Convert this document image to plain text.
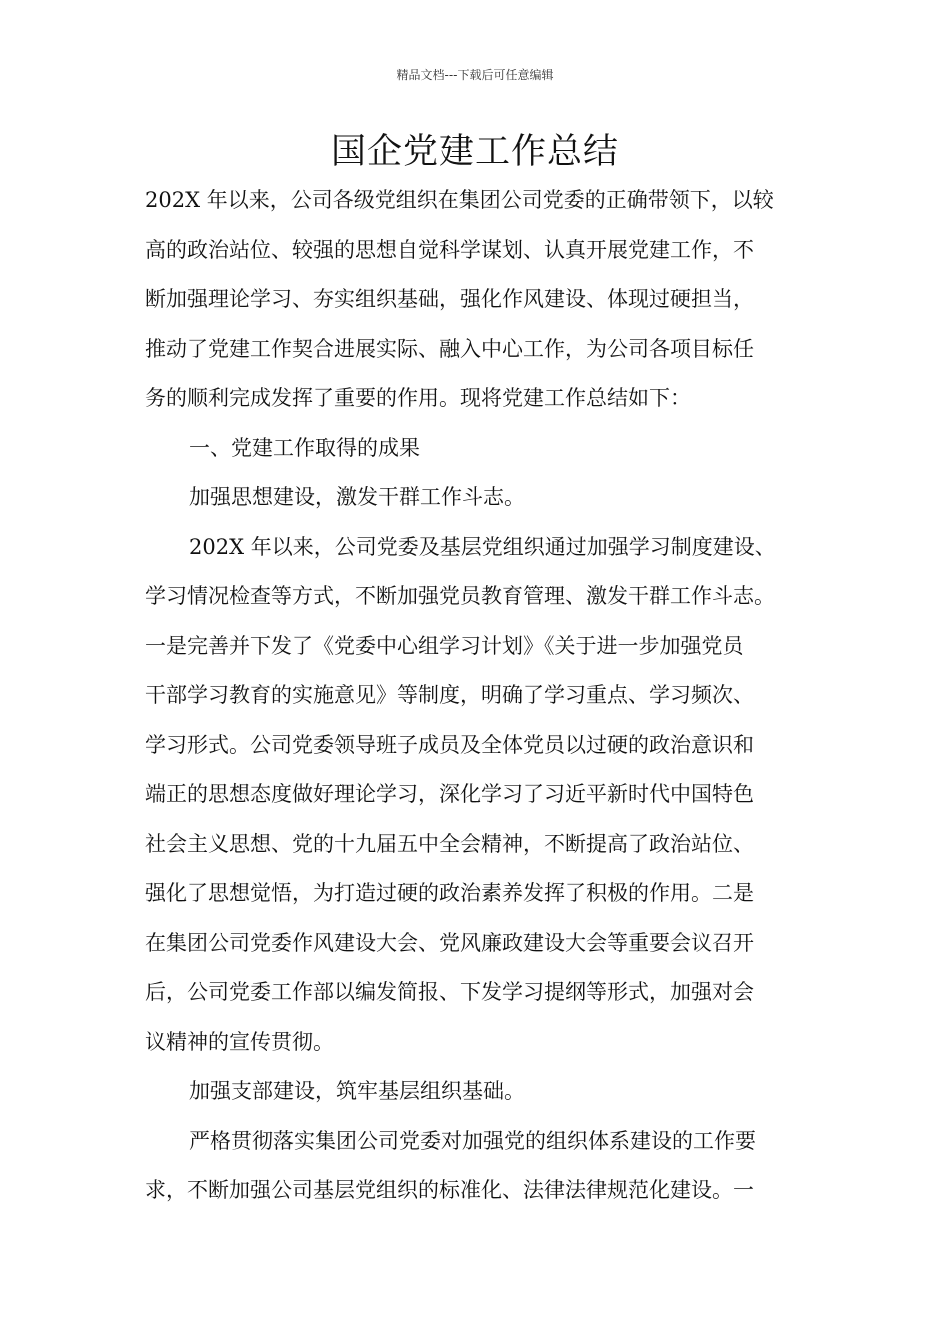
精品文档---下载后可任意编辑
国企党建工作总结
202X 年以来，公司各级党组织在集团公司党委的正确带领下，以较
高的政治站位、较强的思想自觉科学谋划、认真开展党建工作，不
断加强理论学习、夯实组织基础，强化作风建设、体现过硬担当，
推动了党建工作契合进展实际、融入中心工作，为公司各项目标任
务的顺利完成发挥了重要的作用。现将党建工作总结如下：
一、党建工作取得的成果
加强思想建设，激发干群工作斗志。
202X 年以来，公司党委及基层党组织通过加强学习制度建设、
学习情况检查等方式，不断加强党员教育管理、激发干群工作斗志。
一是完善并下发了《党委中心组学习计划》《关于进一步加强党员
干部学习教育的实施意见》等制度，明确了学习重点、学习频次、
学习形式。公司党委领导班子成员及全体党员以过硬的政治意识和
端正的思想态度做好理论学习，深化学习了习近平新时代中国特色
社会主义思想、党的十九届五中全会精神，不断提高了政治站位、
强化了思想觉悟，为打造过硬的政治素养发挥了积极的作用。二是
在集团公司党委作风建设大会、党风廉政建设大会等重要会议召开
后，公司党委工作部以编发简报、下发学习提纲等形式，加强对会
议精神的宣传贯彻。
加强支部建设，筑牢基层组织基础。
严格贯彻落实集团公司党委对加强党的组织体系建设的工作要
求，不断加强公司基层党组织的标准化、法律法律规范化建设。一
